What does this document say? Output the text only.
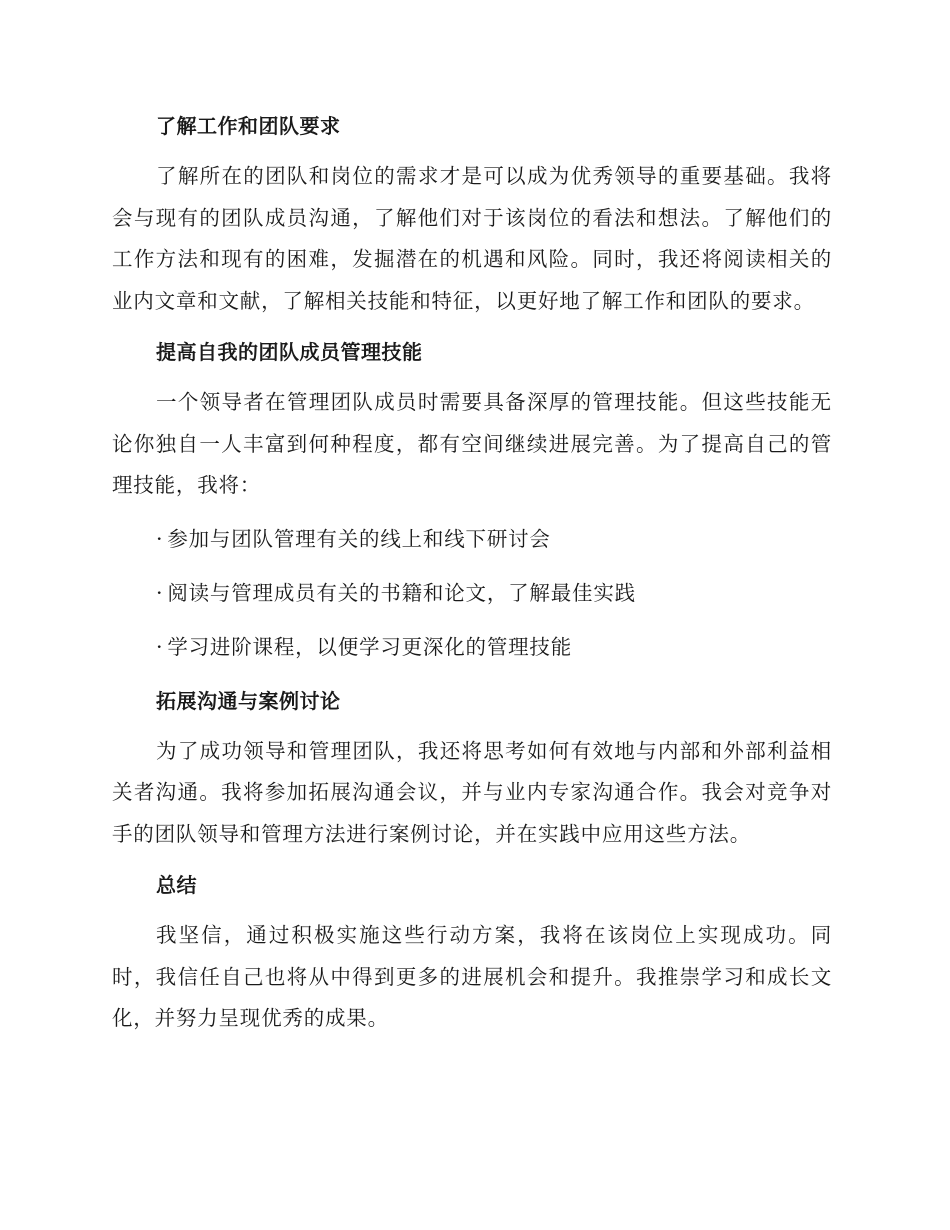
了解工作和团队要求

了解所在的团队和岗位的需求才是可以成为优秀领导的重要基础。我将会与现有的团队成员沟通，了解他们对于该岗位的看法和想法。了解他们的工作方法和现有的困难，发掘潜在的机遇和风险。同时，我还将阅读相关的业内文章和文献，了解相关技能和特征，以更好地了解工作和团队的要求。

提高自我的团队成员管理技能

一个领导者在管理团队成员时需要具备深厚的管理技能。但这些技能无论你独自一人丰富到何种程度，都有空间继续进展完善。为了提高自己的管理技能，我将：

· 参加与团队管理有关的线上和线下研讨会
· 阅读与管理成员有关的书籍和论文，了解最佳实践
· 学习进阶课程，以便学习更深化的管理技能
拓展沟通与案例讨论

为了成功领导和管理团队，我还将思考如何有效地与内部和外部利益相关者沟通。我将参加拓展沟通会议，并与业内专家沟通合作。我会对竞争对手的团队领导和管理方法进行案例讨论，并在实践中应用这些方法。

总结

我坚信，通过积极实施这些行动方案，我将在该岗位上实现成功。同时，我信任自己也将从中得到更多的进展机会和提升。我推崇学习和成长文化，并努力呈现优秀的成果。
